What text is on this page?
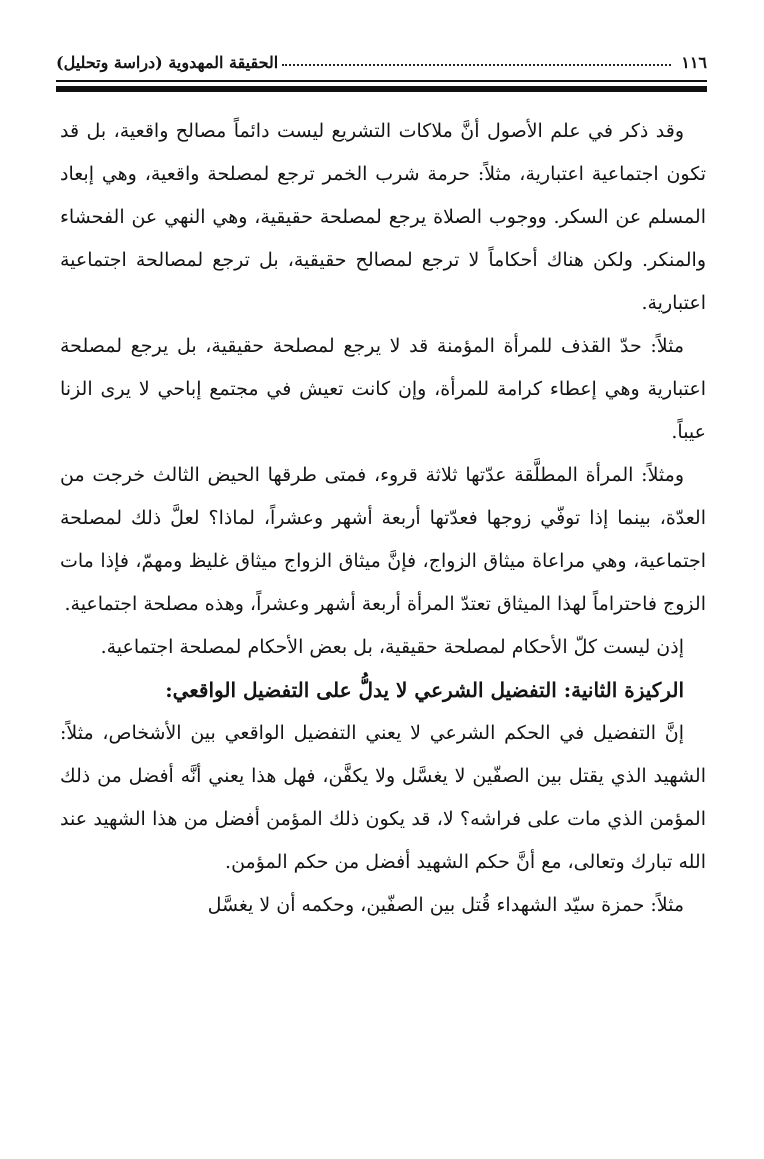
١١٦
الحقيقة المهدوية (دراسة وتحليل)

وقد ذكر في علم الأصول أنَّ ملاكات التشريع ليست دائماً مصالح واقعية، بل قد تكون اجتماعية اعتبارية، مثلاً: حرمة شرب الخمر ترجع لمصلحة واقعية، وهي إبعاد المسلم عن السكر. ووجوب الصلاة يرجع لمصلحة حقيقية، وهي النهي عن الفحشاء والمنكر. ولكن هناك أحكاماً لا ترجع لمصالح حقيقية، بل ترجع لمصالحة اجتماعية اعتبارية.

مثلاً: حدّ القذف للمرأة المؤمنة قد لا يرجع لمصلحة حقيقية، بل يرجع لمصلحة اعتبارية وهي إعطاء كرامة للمرأة، وإن كانت تعيش في مجتمع إباحي لا يرى الزنا عيباً.

ومثلاً: المرأة المطلَّقة عدّتها ثلاثة قروء، فمتى طرقها الحيض الثالث خرجت من العدّة، بينما إذا توفّي زوجها فعدّتها أربعة أشهر وعشراً، لماذا؟ لعلَّ ذلك لمصلحة اجتماعية، وهي مراعاة ميثاق الزواج، فإنَّ ميثاق الزواج ميثاق غليظ ومهمّ، فإذا مات الزوج فاحتراماً لهذا الميثاق تعتدّ المرأة أربعة أشهر وعشراً، وهذه مصلحة اجتماعية.

إذن ليست كلّ الأحكام لمصلحة حقيقية، بل بعض الأحكام لمصلحة اجتماعية.

الركيزة الثانية: التفضيل الشرعي لا يدلُّ على التفضيل الواقعي:

إنَّ التفضيل في الحكم الشرعي لا يعني التفضيل الواقعي بين الأشخاص، مثلاً: الشهيد الذي يقتل بين الصفّين لا يغسَّل ولا يكفَّن، فهل هذا يعني أنَّه أفضل من ذلك المؤمن الذي مات على فراشه؟ لا، قد يكون ذلك المؤمن أفضل من هذا الشهيد عند الله تبارك وتعالى، مع أنَّ حكم الشهيد أفضل من حكم المؤمن.

مثلاً: حمزة سيّد الشهداء قُتل بين الصفّين، وحكمه أن لا يغسَّل
